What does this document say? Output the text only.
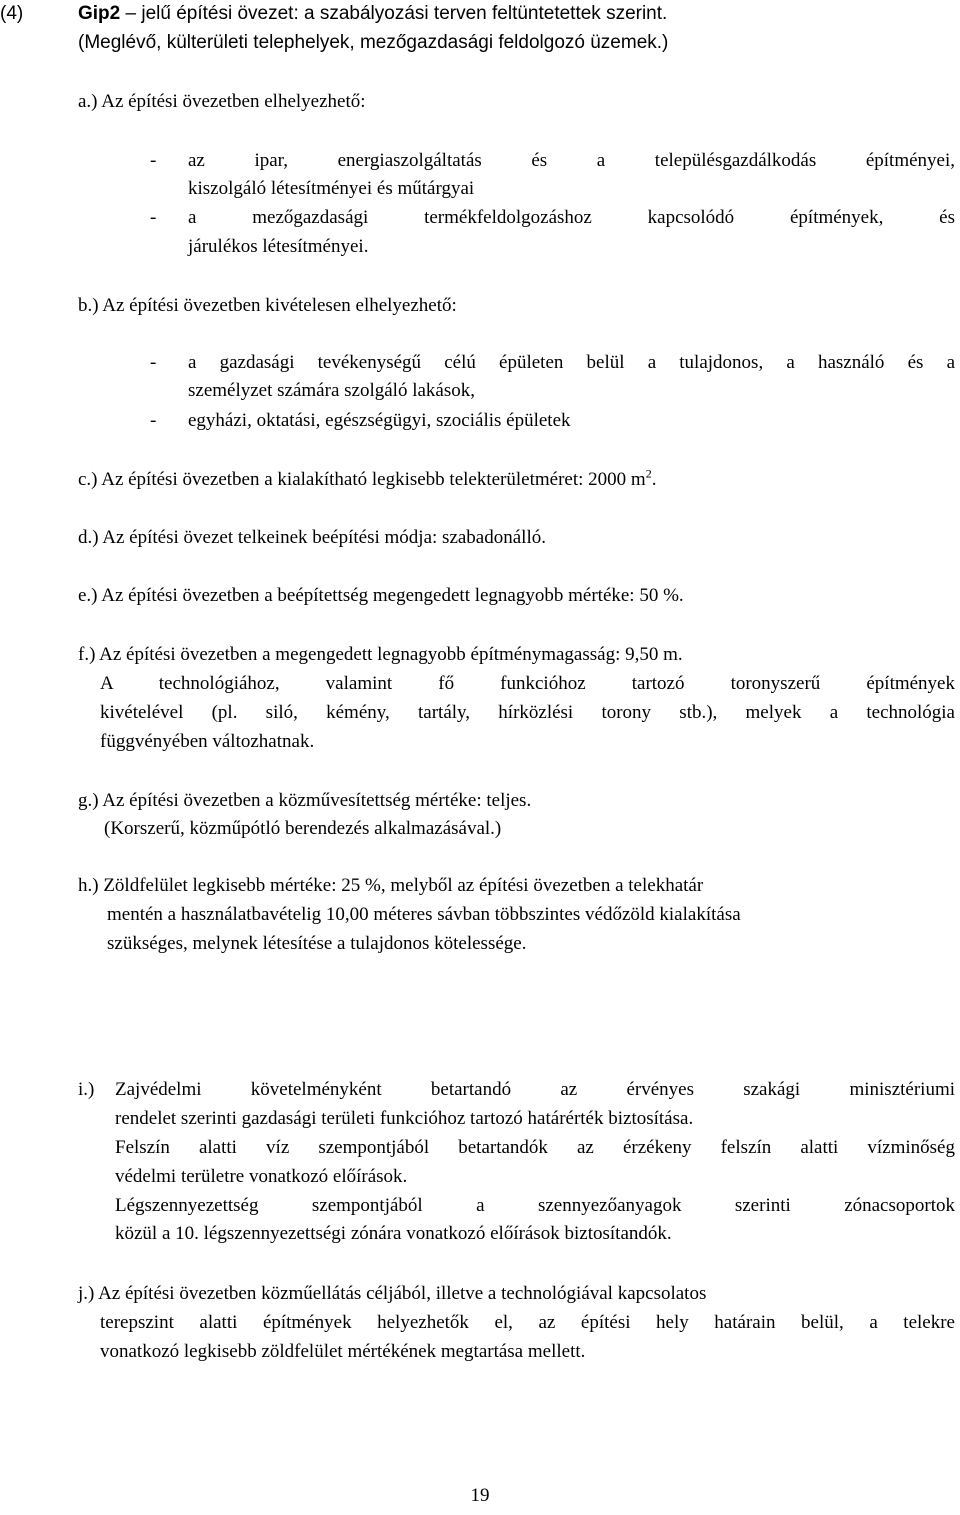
(4)	Gip2 – jelű építési övezet: a szabályozási terven feltüntetettek szerint.
(Meglévő, külterületi telephelyek, mezőgazdasági feldolgozó üzemek.)
a.) Az építési övezetben elhelyezhető:
- az ipar, energiaszolgáltatás és a településgazdálkodás építményei,
kiszolgáló létesítményei és műtárgyai
- a mezőgazdasági termékfeldolgozáshoz kapcsolódó építmények, és
járulékos létesítményei.
b.) Az építési övezetben kivételesen elhelyezhető:
- a gazdasági tevékenységű célú épületen belül a tulajdonos, a használó és a
személyzet számára szolgáló lakások,
- egyházi, oktatási, egészségügyi, szociális épületek
c.) Az építési övezetben a kialakítható legkisebb telekterületméret: 2000 $m^2$.
d.) Az építési övezet telkeinek beépítési módja: szabadonálló.
e.) Az építési övezetben a beépítettség megengedett legnagyobb mértéke: 50 %.
f.) Az építési övezetben a megengedett legnagyobb építménymagasság: 9,50 m.
A technológiához, valamint fő funkcióhoz tartozó toronyszerű építmények
kivételével (pl. siló, kémény, tartály, hírközlési torony stb.), melyek a technológia
függvényében változhatnak.
g.) Az építési övezetben a közművesítettség mértéke: teljes.
(Korszerű, közműpótló berendezés alkalmazásával.)
h.) Zöldfelület legkisebb mértéke: 25 %, melyből az építési övezetben a telekhatár
mentén a használatbavételig 10,00 méteres sávban többszintes védőzöld kialakítása
szükséges, melynek létesítése a tulajdonos kötelessége.
i.) Zajvédelmi követelményként betartandó az érvényes szakági minisztériumi
rendelet szerinti gazdasági területi funkcióhoz tartozó határérték biztosítása.
Felszín alatti víz szempontjából betartandók az érzékeny felszín alatti vízminőség
védelmi területre vonatkozó előírások.
Légszennyezettség szempontjából a szennyezőanyagok szerinti zónacsoportok
közül a 10. légszennyezettségi zónára vonatkozó előírások biztosítandók.
j.) Az építési övezetben közműellátás céljából, illetve a technológiával kapcsolatos
terepszint alatti építmények helyezhetők el, az építési hely határain belül, a telekre
vonatkozó legkisebb zöldfelület mértékének megtartása mellett.
19
